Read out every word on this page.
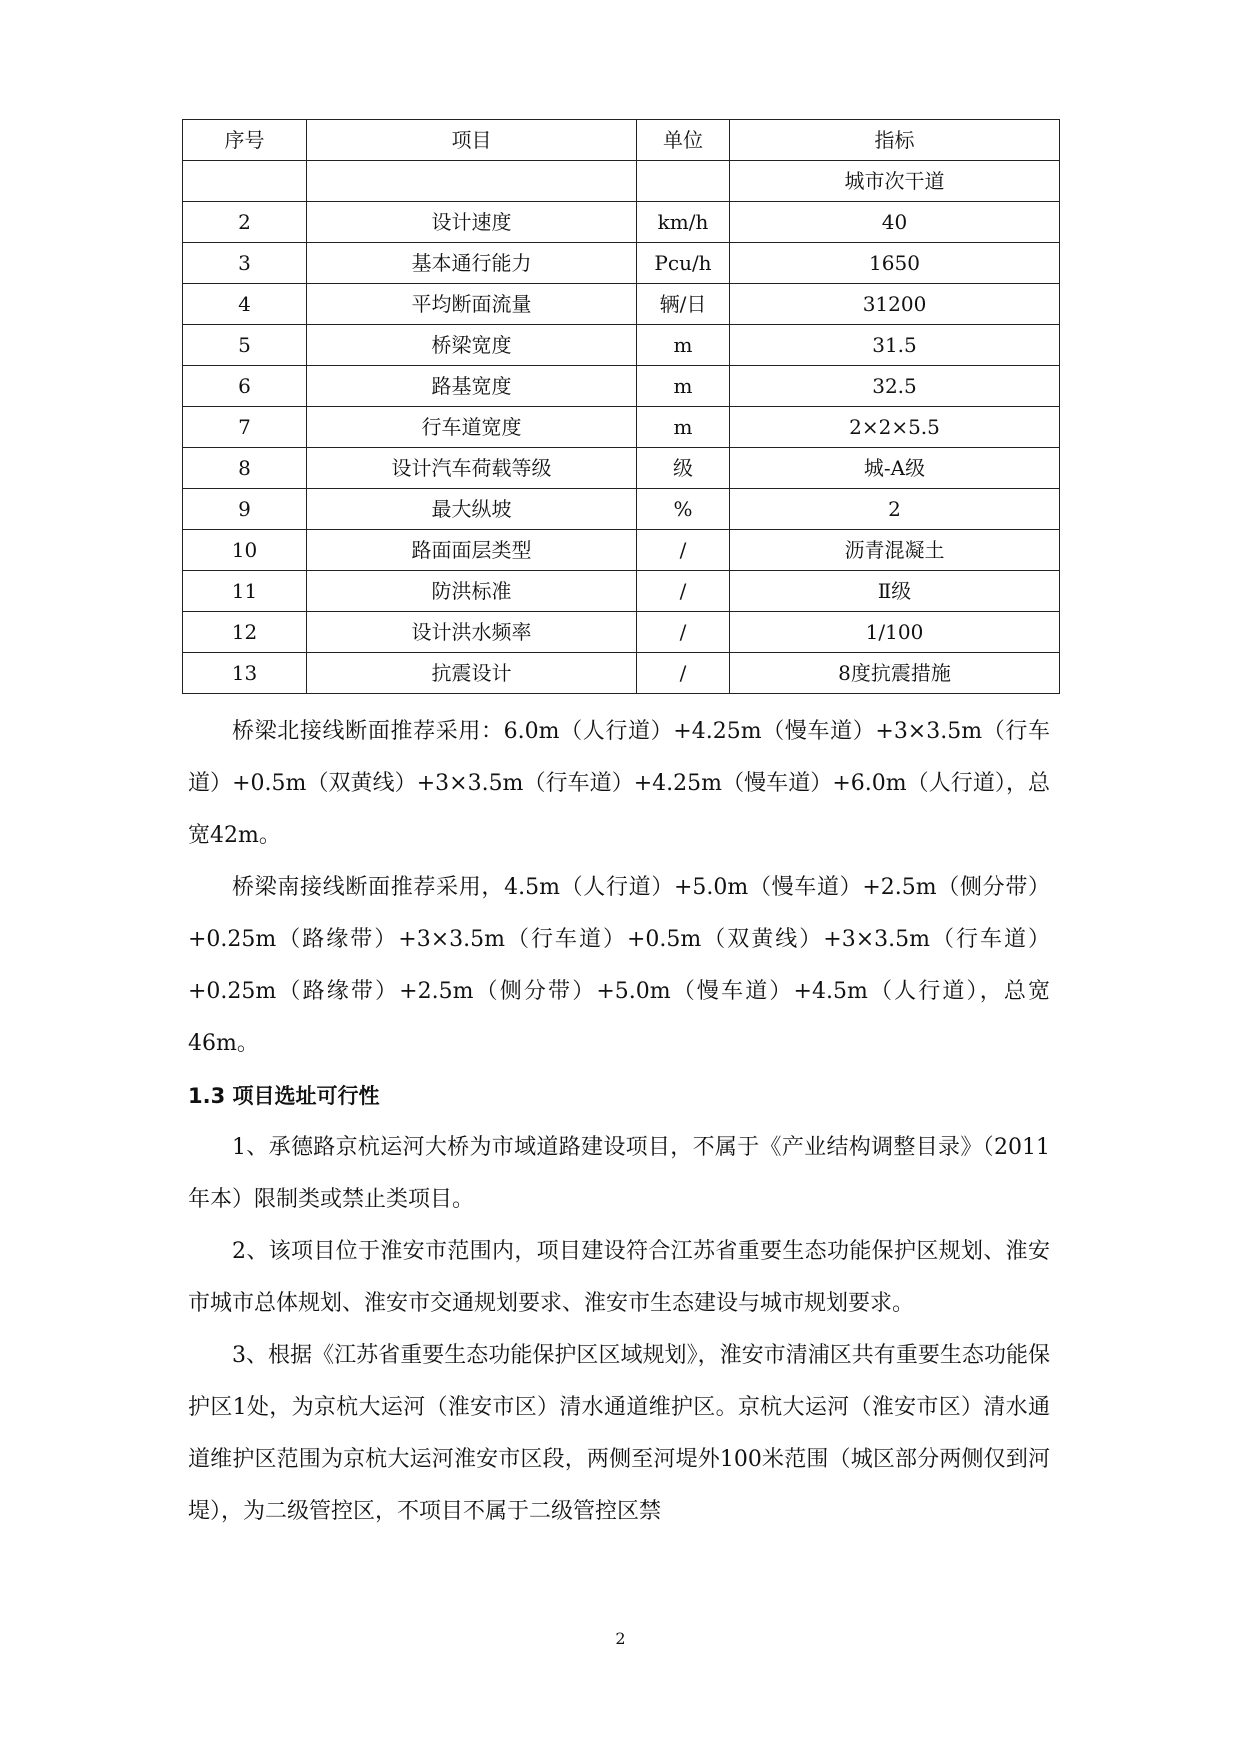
序号	项目	单位	指标
			城市次干道
2	设计速度	km/h	40
3	基本通行能力	Pcu/h	1650
4	平均断面流量	辆/日	31200
5	桥梁宽度	m	31.5
6	路基宽度	m	32.5
7	行车道宽度	m	2×2×5.5
8	设计汽车荷载等级	级	城-A级
9	最大纵坡	%	2
10	路面面层类型	/	沥青混凝土
11	防洪标准	/	Ⅱ级
12	设计洪水频率	/	1/100
13	抗震设计	/	8度抗震措施

桥梁北接线断面推荐采用：6.0m（人行道）+4.25m（慢车道）+3×3.5m（行车道）+0.5m（双黄线）+3×3.5m（行车道）+4.25m（慢车道）+6.0m（人行道），总宽42m。

桥梁南接线断面推荐采用，4.5m（人行道）+5.0m（慢车道）+2.5m（侧分带）+0.25m（路缘带）+3×3.5m（行车道）+0.5m（双黄线）+3×3.5m（行车道）+0.25m（路缘带）+2.5m（侧分带）+5.0m（慢车道）+4.5m（人行道），总宽46m。

1.3 项目选址可行性

1、承德路京杭运河大桥为市域道路建设项目，不属于《产业结构调整目录》（2011年本）限制类或禁止类项目。

2、该项目位于淮安市范围内，项目建设符合江苏省重要生态功能保护区规划、淮安市城市总体规划、淮安市交通规划要求、淮安市生态建设与城市规划要求。

3、根据《江苏省重要生态功能保护区区域规划》，淮安市清浦区共有重要生态功能保护区1处，为京杭大运河（淮安市区）清水通道维护区。京杭大运河（淮安市区）清水通道维护区范围为京杭大运河淮安市区段，两侧至河堤外100米范围（城区部分两侧仅到河堤），为二级管控区，不项目不属于二级管控区禁

2
